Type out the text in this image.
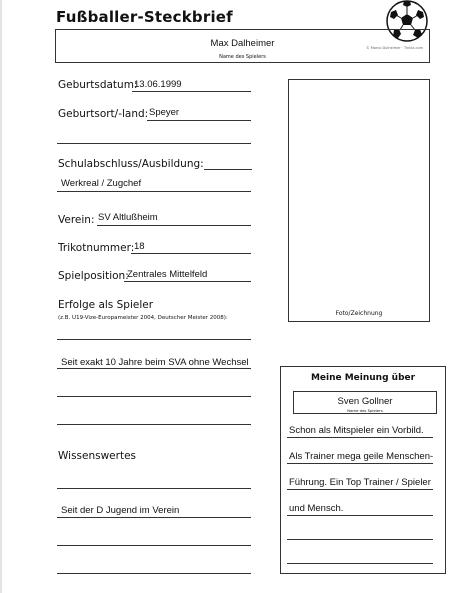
Fußballer-Steckbrief
Max Dalheimer
Name des Spielers
© Marco Dulheimer · Tinkla.com
Geburtsdatum:
13.06.1999
Geburtsort/-land: Speyer
Schulabschluss/Ausbildung:
Werkreal / Zugchef
Verein: SV Altlußheim
Trikotnummer: 18
Spielposition:
Zentrales Mittelfeld
Erfolge als Spieler
(z.B. U19-Vize-Europameister 2004, Deutscher Meister 2008):
Seit exakt 10 Jahre beim SVA ohne Wechsel
Wissenswertes
Seit der D Jugend im Verein
Foto/Zeichnung
Meine Meinung über
Sven Gollner
Name des Spielers
Schon als Mitspieler ein Vorbild.
Als Trainer mega geile Menschen-
Führung. Ein Top Trainer / Spieler
und Mensch.
